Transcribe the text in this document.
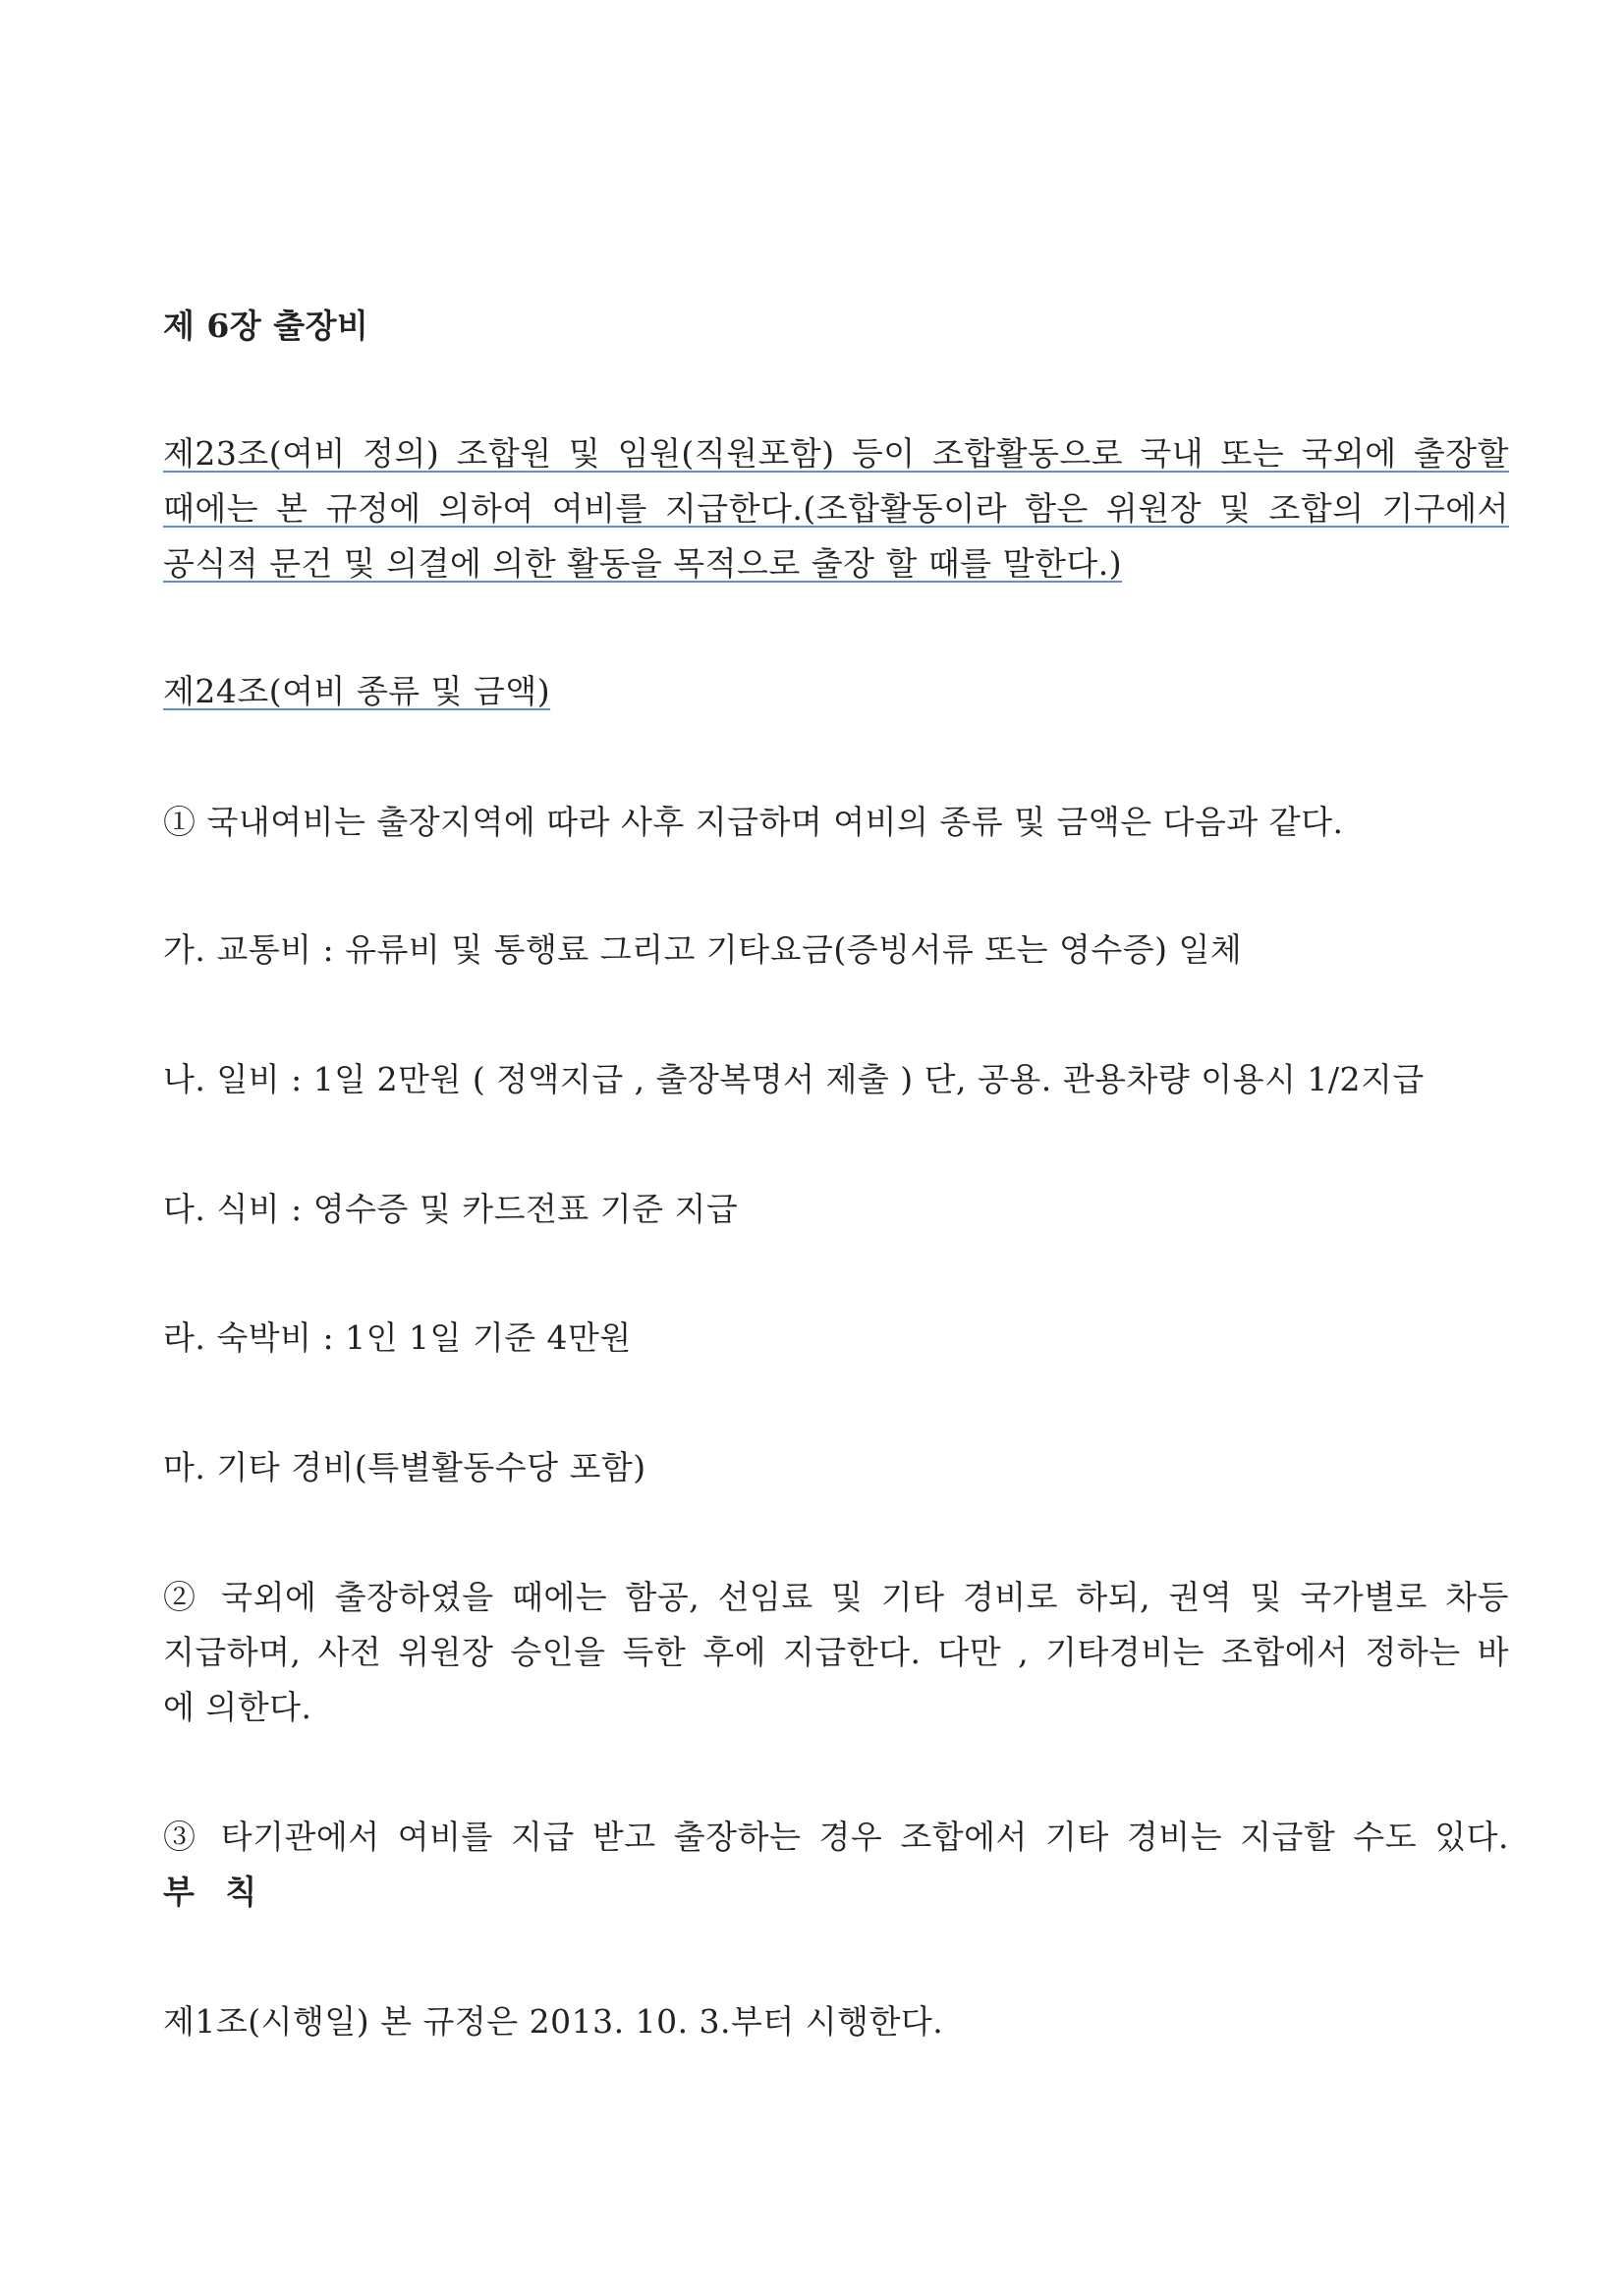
제 6장 출장비
제23조(여비 정의) 조합원 및 임원(직원포함) 등이 조합활동으로 국내 또는 국외에 출장할
때에는 본 규정에 의하여 여비를 지급한다.(조합활동이라 함은 위원장 및 조합의 기구에서
공식적 문건 및 의결에 의한 활동을 목적으로 출장 할 때를 말한다.)
제24조(여비 종류 및 금액)
① 국내여비는 출장지역에 따라 사후 지급하며 여비의 종류 및 금액은 다음과 같다.
가. 교통비 : 유류비 및 통행료 그리고 기타요금(증빙서류 또는 영수증) 일체
나. 일비 : 1일 2만원 ( 정액지급 , 출장복명서 제출 ) 단, 공용. 관용차량 이용시 1/2지급
다. 식비 : 영수증 및 카드전표 기준 지급
라. 숙박비 : 1인 1일 기준 4만원
마. 기타 경비(특별활동수당 포함)
② 국외에 출장하였을 때에는 함공, 선임료 및 기타 경비로 하되, 권역 및 국가별로 차등
지급하며, 사전 위원장 승인을 득한 후에 지급한다. 다만 , 기타경비는 조합에서 정하는 바
에 의한다.
③ 타기관에서 여비를 지급 받고 출장하는 경우 조합에서 기타 경비는 지급할 수도 있다.
부 칙
제1조(시행일) 본 규정은 2013. 10. 3.부터 시행한다.
